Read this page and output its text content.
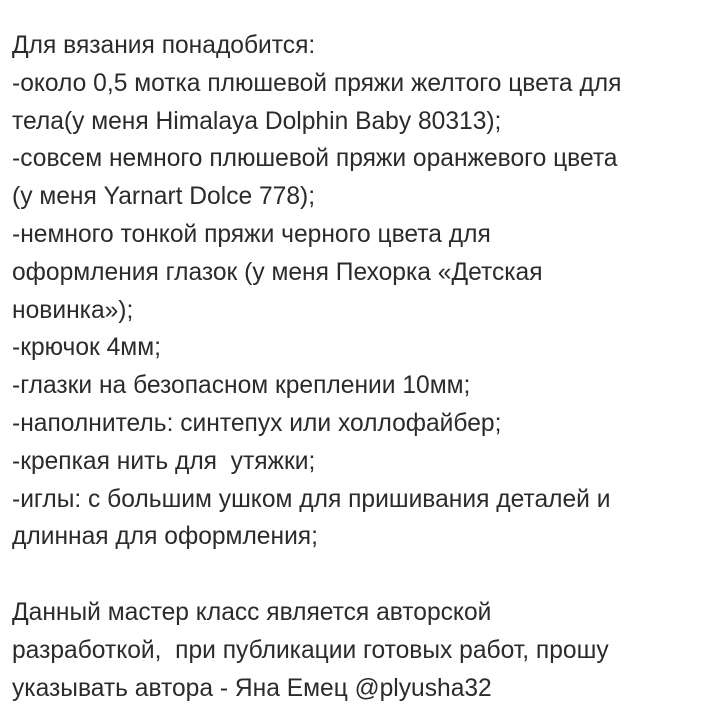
Для вязания понадобится:
-около 0,5 мотка плюшевой пряжи желтого цвета для
тела(у меня Himalaya Dolphin Baby 80313);
-совсем немного плюшевой пряжи оранжевого цвета
(у меня Yarnart Dolce 778);
-немного тонкой пряжи черного цвета для
оформления глазок (у меня Пехорка «Детская
новинка»);
-крючок 4мм;
-глазки на безопасном креплении 10мм;
-наполнитель: синтепух или холлофайбер;
-крепкая нить для  утяжки;
-иглы: с большим ушком для пришивания деталей и
длинная для оформления;
Данный мастер класс является авторской
разработкой,  при публикации готовых работ, прошу
указывать автора - Яна Емец @plyusha32
